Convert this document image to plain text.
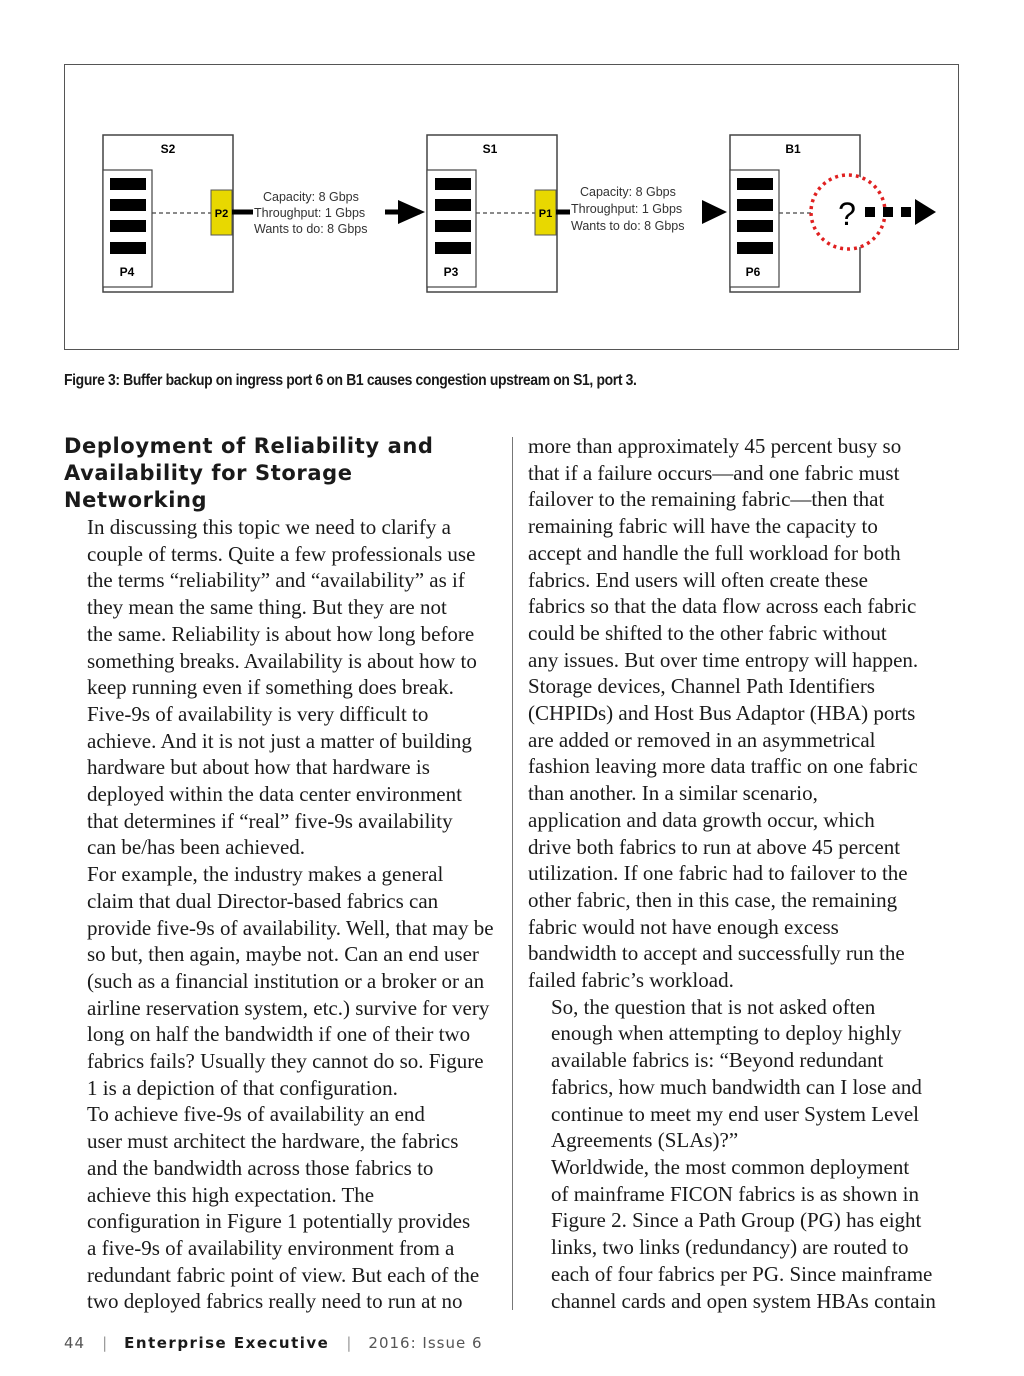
S2
P4
S1
P3
B1
P6
P2	P1
Capacity: 8 Gbps
Throughput: 1 Gbps
Wants to do: 8 Gbps
Capacity: 8 Gbps
Throughput: 1 Gbps
Wants to do: 8 Gbps	?
Figure 3: Buffer backup on ingress port 6 on B1 causes congestion upstream on S1, port 3.
Deployment of Reliability and
Availability for Storage
Networking

In discussing this topic we need to clarify a
couple of terms. Quite a few professionals use
the terms “reliability” and “availability” as if
they mean the same thing. But they are not
the same. Reliability is about how long before
something breaks. Availability is about how to
keep running even if something does break.
Five-9s of availability is very difficult to
achieve. And it is not just a matter of building
hardware but about how that hardware is
deployed within the data center environment
that determines if “real” five-9s availability
can be/has been achieved.

For example, the industry makes a general
claim that dual Director-based fabrics can
provide five-9s of availability. Well, that may be
so but, then again, maybe not. Can an end user
(such as a financial institution or a broker or an
airline reservation system, etc.) survive for very
long on half the bandwidth if one of their two
fabrics fails? Usually they cannot do so. Figure
1 is a depiction of that configuration.

To achieve five-9s of availability an end
user must architect the hardware, the fabrics
and the bandwidth across those fabrics to
achieve this high expectation. The
configuration in Figure 1 potentially provides
a five-9s of availability environment from a
redundant fabric point of view. But each of the
two deployed fabrics really need to run at no

more than approximately 45 percent busy so
that if a failure occurs—and one fabric must
failover to the remaining fabric—then that
remaining fabric will have the capacity to
accept and handle the full workload for both
fabrics. End users will often create these
fabrics so that the data flow across each fabric
could be shifted to the other fabric without
any issues. But over time entropy will happen.
Storage devices, Channel Path Identifiers
(CHPIDs) and Host Bus Adaptor (HBA) ports
are added or removed in an asymmetrical
fashion leaving more data traffic on one fabric
than another. In a similar scenario,
application and data growth occur, which
drive both fabrics to run at above 45 percent
utilization. If one fabric had to failover to the
other fabric, then in this case, the remaining
fabric would not have enough excess
bandwidth to accept and successfully run the
failed fabric’s workload.

So, the question that is not asked often
enough when attempting to deploy highly
available fabrics is: “Beyond redundant
fabrics, how much bandwidth can I lose and
continue to meet my end user System Level
Agreements (SLAs)?”

Worldwide, the most common deployment
of mainframe FICON fabrics is as shown in
Figure 2. Since a Path Group (PG) has eight
links, two links (redundancy) are routed to
each of four fabrics per PG. Since mainframe
channel cards and open system HBAs contain

44 | Enterprise Executive | 2016: Issue 6
